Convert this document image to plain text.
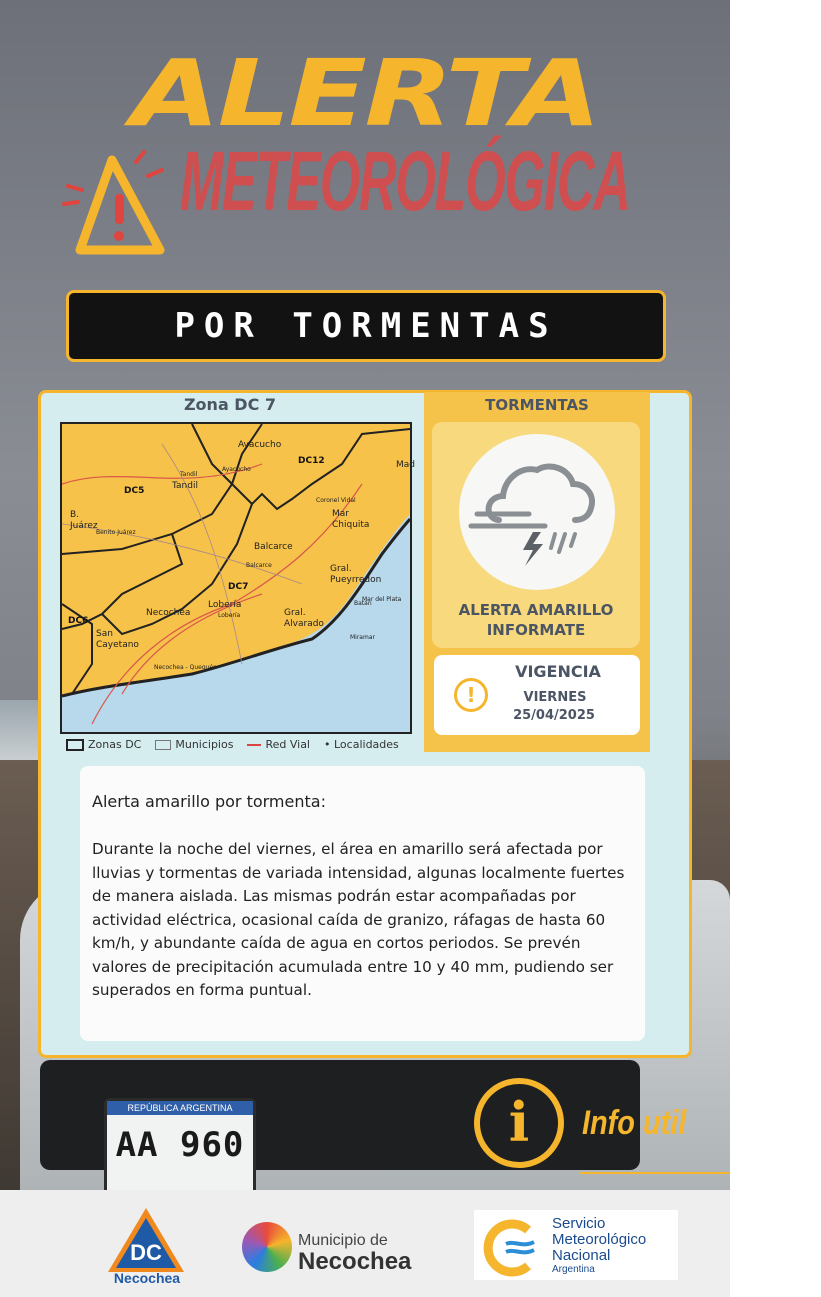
REPÚBLICA ARGENTINA
AA 960
ALERTA
METEOROLÓGICA
POR TORMENTAS
Zona DC 7
DC5
DC12
DC7
DC6
Ayacucho
Ayacucho
Tandil
Tandil
B. Juárez
Benito Juárez
Coronel Vidal
Mar Chiquita
Balcarce
Balcarce	Gral. Pueyrredon
Mar del Plata
Batán
Lobería
Lobería
Necochea
San Cayetano
Gral. Alvarado
Miramar
Necochea - Quequén
Mad
Zonas DC	Municipios	Red Vial • Localidades
TORMENTAS
ALERTA AMARILLO
INFORMATE
!
VIGENCIA
VIERNES
25/04/2025
Alerta amarillo por tormenta:
Durante la noche del viernes, el área en amarillo será afectada por lluvias y tormentas de variada intensidad, algunas localmente fuertes de manera aislada. Las mismas podrán estar acompañadas por actividad eléctrica, ocasional caída de granizo, ráfagas de hasta 60 km/h, y abundante caída de agua en cortos periodos. Se prevén valores de precipitación acumulada entre 10 y 40 mm, pudiendo ser superados en forma puntual.
i	Info util
DC
Necochea
Municipio de
Necochea
Servicio
Meteorológico
Nacional
Argentina
